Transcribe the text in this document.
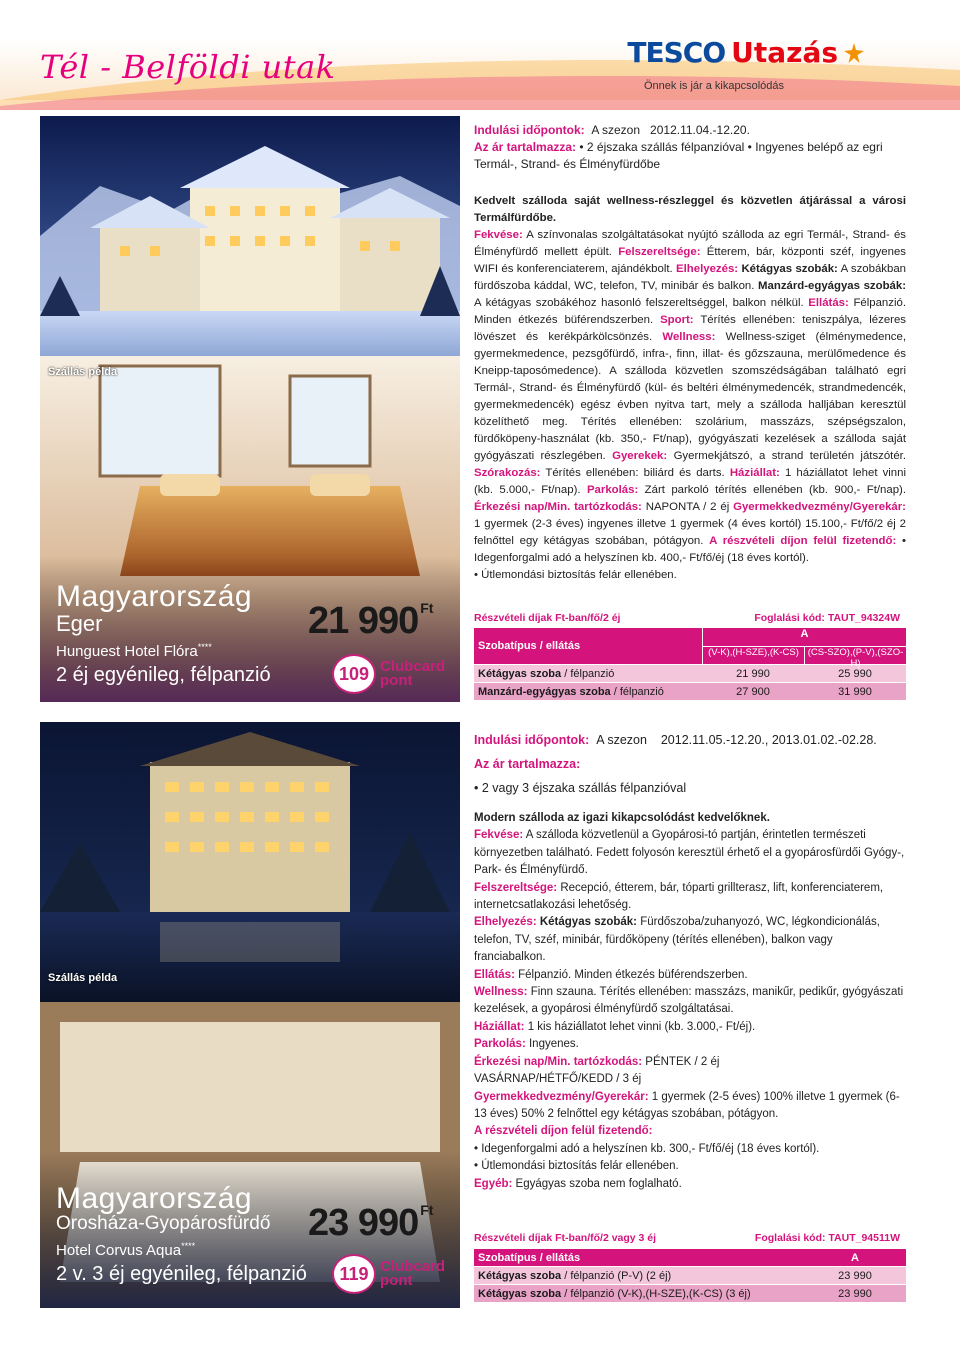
Tél - Belföldi utak	TESCO Utazás
Önnek is jár a kikapcsolódás
Szállás példa
Magyarország
Eger
Hunguest Hotel Flóra****
2 éj egyénileg, félpanzió
21 990 Ft
109 Clubcard
pont
Indulási időpontok: A szezon 2012.11.04.-12.20.
Az ár tartalmazza: • 2 éjszaka szállás félpanzióval • Ingyenes belépő az egri
Termál-, Strand- és Élményfürdőbe
Kedvelt szálloda saját wellness-részleggel és közvetlen átjárással a városi Termálfürdőbe.
Fekvése: A színvonalas szolgáltatásokat nyújtó szálloda az egri Termál-, Strand- és Élményfürdő mellett épült. Felszereltsége: Étterem, bár, központi széf, ingyenes WIFI és konferenciaterem, ajándékbolt. Elhelyezés: Kétágyas szobák: A szobákban fürdőszoba káddal, WC, telefon, TV, minibár és balkon. Manzárd-egyágyas szobák: A kétágyas szobákéhoz hasonló felszereltséggel, balkon nélkül. Ellátás: Félpanzió. Minden étkezés büférendszerben. Sport: Térítés ellenében: teniszpálya, lézeres lövészet és kerékpárkölcsönzés. Wellness: Wellness-sziget (élménymedence, gyermekmedence, pezsgőfürdő, infra-, finn, illat- és gőzszauna, merülőmedence és Kneipp-taposómedence). A szálloda közvetlen szomszédságában található egri Termál-, Strand- és Élményfürdő (kül- és beltéri élménymedencék, strandmedencék, gyermekmedencék) egész évben nyitva tart, mely a szálloda halljában keresztül közelíthető meg. Térítés ellenében: szolárium, masszázs, szépségszalon, fürdőköpeny-használat (kb. 350,- Ft/nap), gyógyászati kezelések a szálloda saját gyógyászati részlegében. Gyerekek: Gyermekjátszó, a strand területén játszótér. Szórakozás: Térítés ellenében: biliárd és darts. Háziállat: 1 háziállatot lehet vinni (kb. 5.000,- Ft/nap). Parkolás: Zárt parkoló térítés ellenében (kb. 900,- Ft/nap). Érkezési nap/Min. tartózkodás: NAPONTA / 2 éj Gyermekkedvezmény/Gyerekár: 1 gyermek (2-3 éves) ingyenes illetve 1 gyermek (4 éves kortól) 15.100,- Ft/fő/2 éj 2 felnőttel egy kétágyas szobában, pótágyon. A részvételi díjon felül fizetendő: • Idegenforgalmi adó a helyszínen kb. 400,- Ft/fő/éj (18 éves kortól).
• Útlemondási biztosítás felár ellenében.
Részvételi díjak Ft-ban/fő/2 éj	Foglalási kód: TAUT_94324W
Szobatípus / ellátás
A
(V-K),(H-SZE),(K-CS) (CS-SZO),(P-V),(SZO-H)
Kétágyas szoba / félpanzió	21 990	25 990
Manzárd-egyágyas szoba / félpanzió	27 900	31 990
Szállás példa
Magyarország
Orosháza-Gyopárosfürdő
Hotel Corvus Aqua****
2 v. 3 éj egyénileg, félpanzió
23 990 Ft
119 Clubcard
pont
Indulási időpontok: A szezon 2012.11.05.-12.20., 2013.01.02.-02.28.
Az ár tartalmazza:
• 2 vagy 3 éjszaka szállás félpanzióval
Modern szálloda az igazi kikapcsolódást kedvelőknek.
Fekvése: A szálloda közvetlenül a Gyopárosi-tó partján, érintetlen természeti környezetben található. Fedett folyosón keresztül érhető el a gyopárosfürdői Gyógy-, Park- és Élményfürdő.
Felszereltsége: Recepció, étterem, bár, tóparti grillterasz, lift, konferenciaterem, internetcsatlakozási lehetőség.
Elhelyezés: Kétágyas szobák: Fürdőszoba/zuhanyozó, WC, légkondicionálás, telefon, TV, széf, minibár, fürdőköpeny (térítés ellenében), balkon vagy franciabalkon.
Ellátás: Félpanzió. Minden étkezés büférendszerben.
Wellness: Finn szauna. Térítés ellenében: masszázs, manikűr, pedikűr, gyógyászati kezelések, a gyopárosi élményfürdő szolgáltatásai.
Háziállat: 1 kis háziállatot lehet vinni (kb. 3.000,- Ft/éj).
Parkolás: Ingyenes.
Érkezési nap/Min. tartózkodás: PÉNTEK / 2 éj
VASÁRNAP/HÉTFŐ/KEDD / 3 éj
Gyermekkedvezmény/Gyerekár: 1 gyermek (2-5 éves) 100% illetve 1 gyermek (6-13 éves) 50% 2 felnőttel egy kétágyas szobában, pótágyon.
A részvételi díjon felül fizetendő:
• Idegenforgalmi adó a helyszínen kb. 300,- Ft/fő/éj (18 éves kortól).
• Útlemondási biztosítás felár ellenében.
Egyéb: Egyágyas szoba nem foglalható.
Részvételi díjak Ft-ban/fő/2 vagy 3 éj	Foglalási kód: TAUT_94511W
Szobatípus / ellátás	A
Kétágyas szoba / félpanzió (P-V) (2 éj)	23 990
Kétágyas szoba / félpanzió (V-K),(H-SZE),(K-CS) (3 éj)	23 990
